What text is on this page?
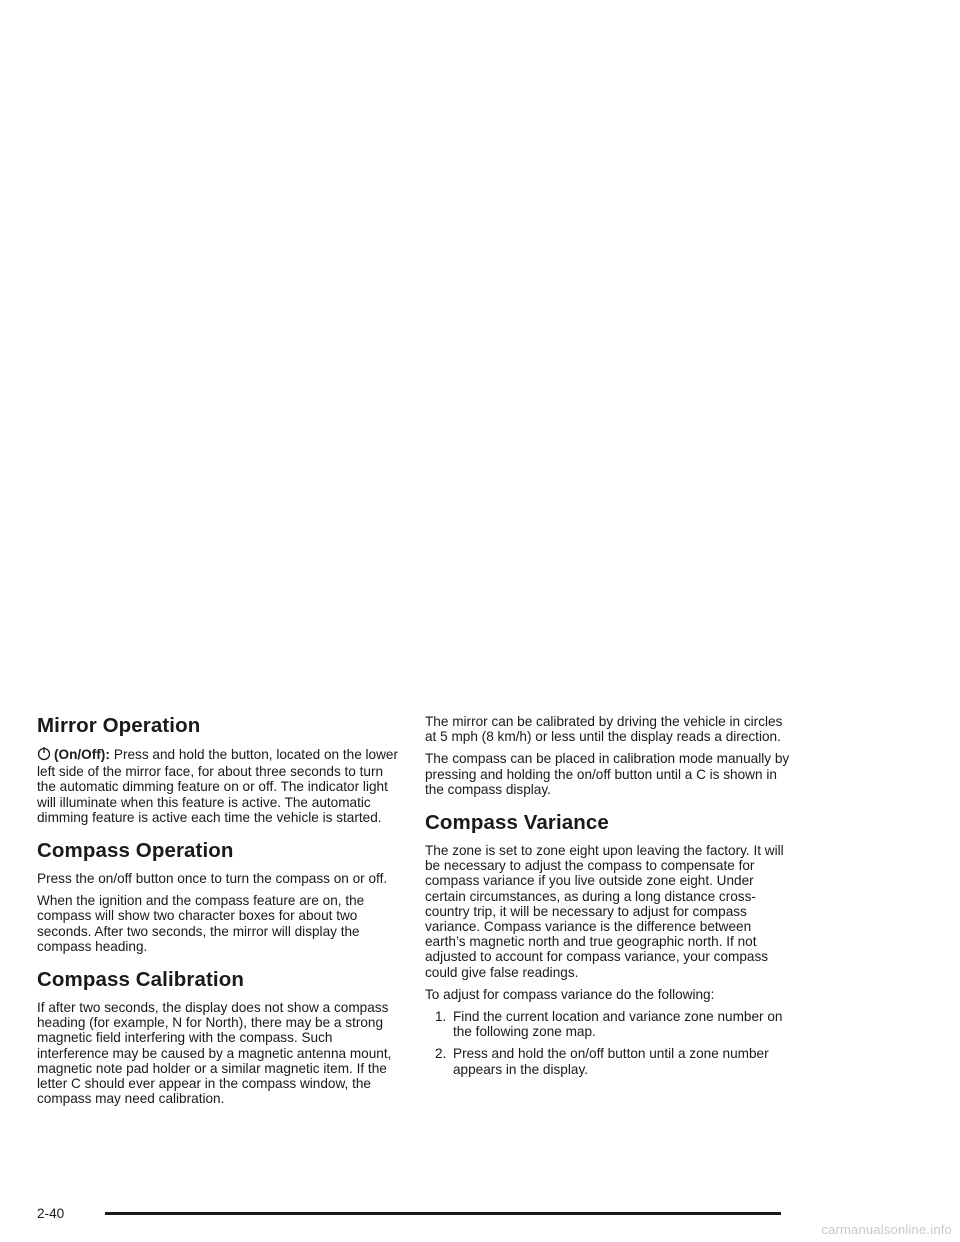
Mirror Operation

(On/Off): Press and hold the button, located on the lower left side of the mirror face, for about three seconds to turn the automatic dimming feature on or off. The indicator light will illuminate when this feature is active. The automatic dimming feature is active each time the vehicle is started.

Compass Operation

Press the on/off button once to turn the compass on or off.

When the ignition and the compass feature are on, the compass will show two character boxes for about two seconds. After two seconds, the mirror will display the compass heading.

Compass Calibration

If after two seconds, the display does not show a compass heading (for example, N for North), there may be a strong magnetic field interfering with the compass. Such interference may be caused by a magnetic antenna mount, magnetic note pad holder or a similar magnetic item. If the letter C should ever appear in the compass window, the compass may need calibration.

The mirror can be calibrated by driving the vehicle in circles at 5 mph (8 km/h) or less until the display reads a direction.

The compass can be placed in calibration mode manually by pressing and holding the on/off button until a C is shown in the compass display.

Compass Variance

The zone is set to zone eight upon leaving the factory. It will be necessary to adjust the compass to compensate for compass variance if you live outside zone eight. Under certain circumstances, as during a long distance cross-country trip, it will be necessary to adjust for compass variance. Compass variance is the difference between earth’s magnetic north and true geographic north. If not adjusted to account for compass variance, your compass could give false readings.

To adjust for compass variance do the following:

1. Find the current location and variance zone number on the following zone map.
2. Press and hold the on/off button until a zone number appears in the display.
2-40
carmanualsonline.info
